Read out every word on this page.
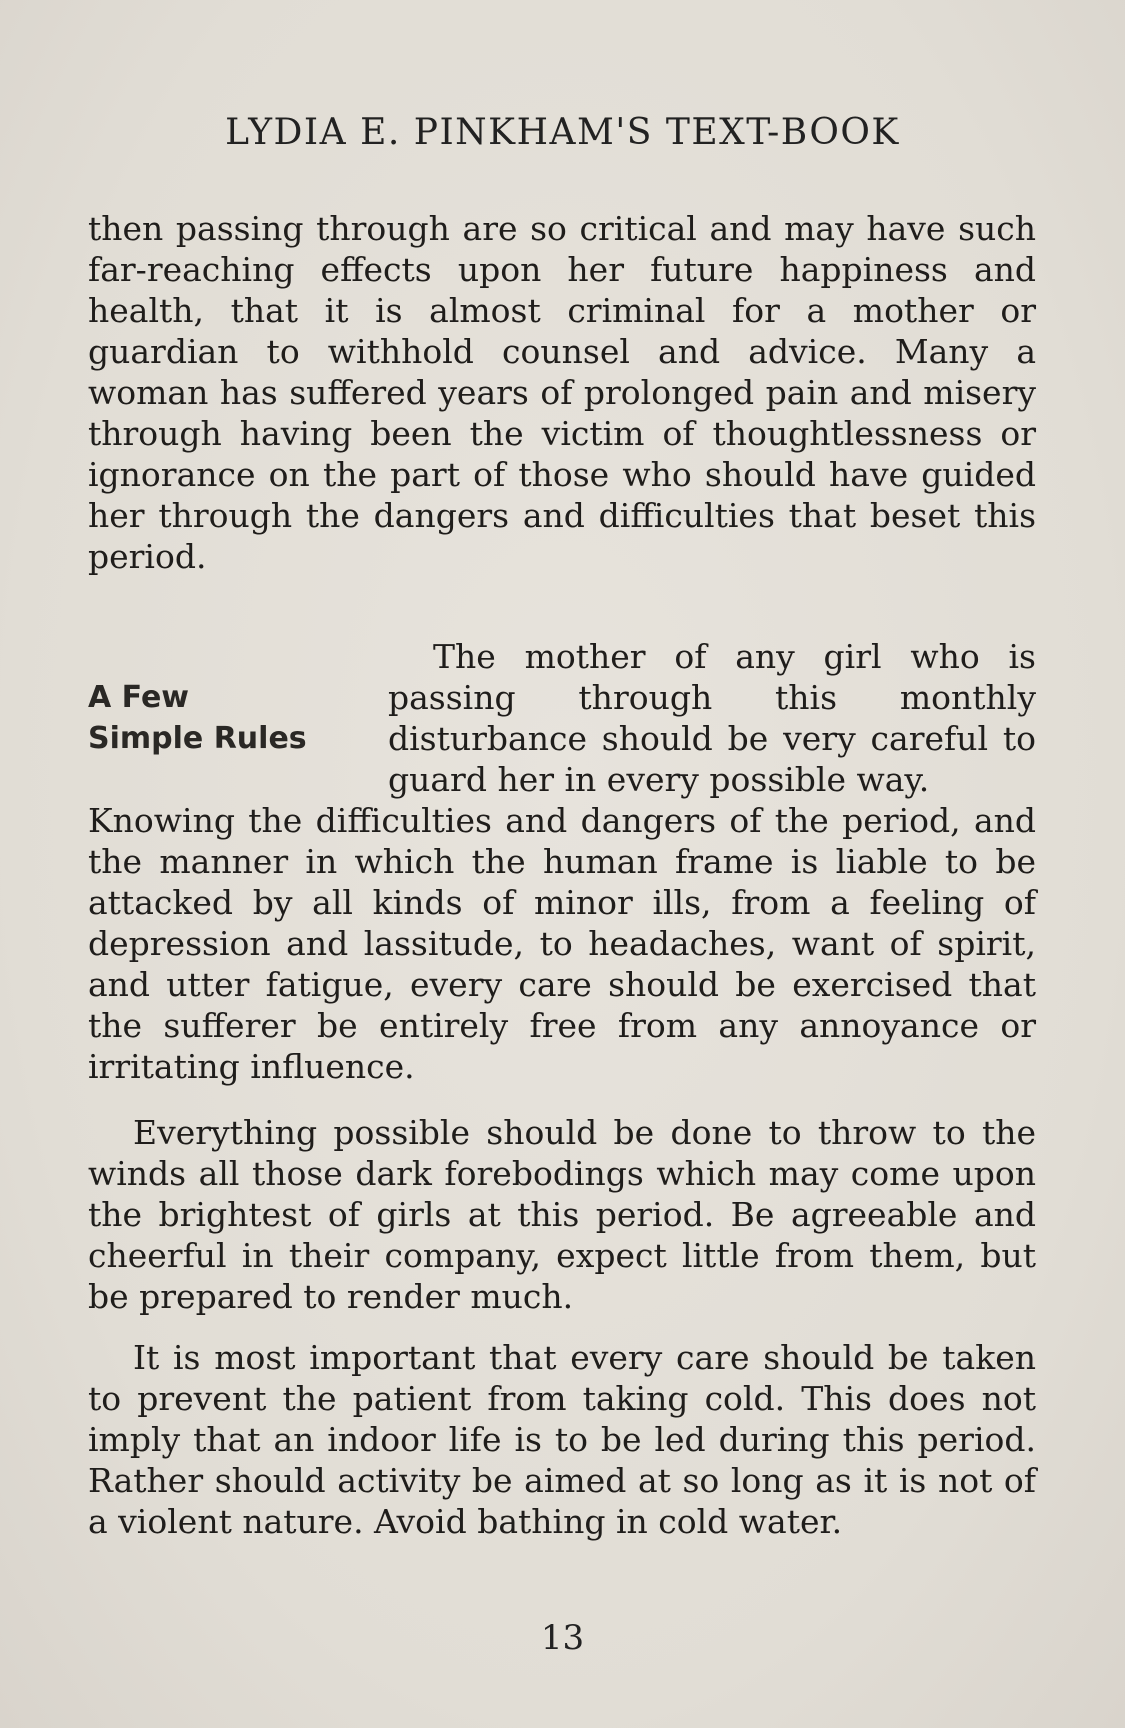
LYDIA E. PINKHAM'S TEXT-BOOK
then passing through are so critical and may have such far-reaching effects upon her future happiness and health, that it is almost criminal for a mother or guardian to withhold counsel and advice. Many a woman has suffered years of prolonged pain and misery through having been the victim of thoughtlessness or ignorance on the part of those who should have guided her through the dangers and difficulties that beset this period.
A Few
Simple Rules
The mother of any girl who is passing through this monthly disturbance should be very careful to guard her in every possible way.
Knowing the difficulties and dangers of the period, and the manner in which the human frame is liable to be attacked by all kinds of minor ills, from a feeling of depression and lassitude, to headaches, want of spirit, and utter fatigue, every care should be exercised that the sufferer be entirely free from any annoyance or irritating influence.
Everything possible should be done to throw to the winds all those dark forebodings which may come upon the brightest of girls at this period. Be agreeable and cheerful in their company, expect little from them, but be prepared to render much.
It is most important that every care should be taken to prevent the patient from taking cold. This does not imply that an indoor life is to be led during this period. Rather should activity be aimed at so long as it is not of a violent nature. Avoid bathing in cold water.
13
